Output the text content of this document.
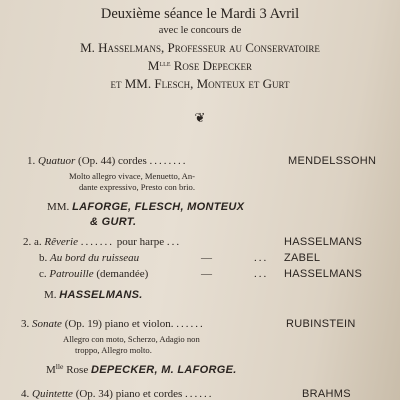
Deuxième séance le Mardi 3 Avril
avec le concours de
M. Hasselmans, Professeur au Conservatoire
$M^{lle}$ Rose Depecker
et MM. Flesch, Monteux et Gurt
❦
1. Quatuor (Op. 44) cordes ........	MENDELSSOHN
Molto allegro vivace, Menuetto, An-
dante expressivo, Presto con brio.
MM. LAFORGE, FLESCH, MONTEUX
& GURT.
2. a. Rêverie ....... pour harpe ...	HASSELMANS
b. Au bord du ruisseau	—	... ZABEL
c. Patrouille (demandée)	—	... HASSELMANS
M. HASSELMANS.
3. Sonate (Op. 19) piano et violon. ......	RUBINSTEIN
Allegro con moto, Scherzo, Adagio non
troppo, Allegro molto.
$M^{lle}$ Rose DEPECKER, M. LAFORGE.
4. Quintette (Op. 34) piano et cordes ......	BRAHMS
